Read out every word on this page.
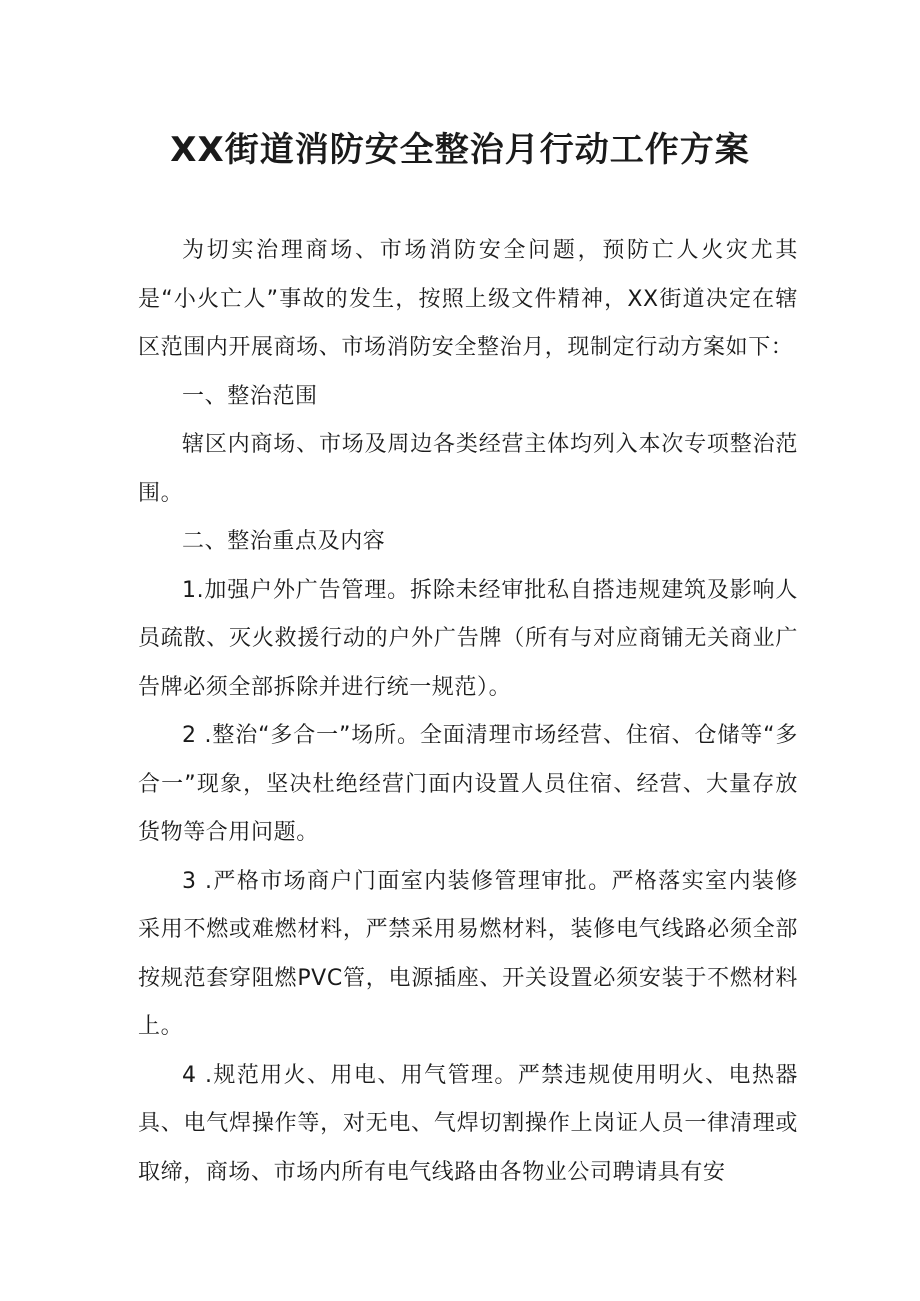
XX街道消防安全整治月行动工作方案

为切实治理商场、市场消防安全问题，预防亡人火灾尤其是“小火亡人”事故的发生，按照上级文件精神，XX街道决定在辖区范围内开展商场、市场消防安全整治月，现制定行动方案如下：

一、整治范围

辖区内商场、市场及周边各类经营主体均列入本次专项整治范围。

二、整治重点及内容

1.加强户外广告管理。拆除未经审批私自搭违规建筑及影响人员疏散、灭火救援行动的户外广告牌（所有与对应商铺无关商业广告牌必须全部拆除并进行统一规范）。

2 .整治“多合一”场所。全面清理市场经营、住宿、仓储等“多合一”现象，坚决杜绝经营门面内设置人员住宿、经营、大量存放货物等合用问题。

3 .严格市场商户门面室内装修管理审批。严格落实室内装修采用不燃或难燃材料，严禁采用易燃材料，装修电气线路必须全部按规范套穿阻燃PVC管，电源插座、开关设置必须安装于不燃材料上。

4 .规范用火、用电、用气管理。严禁违规使用明火、电热器具、电气焊操作等，对无电、气焊切割操作上岗证人员一律清理或取缔，商场、市场内所有电气线路由各物业公司聘请具有安
